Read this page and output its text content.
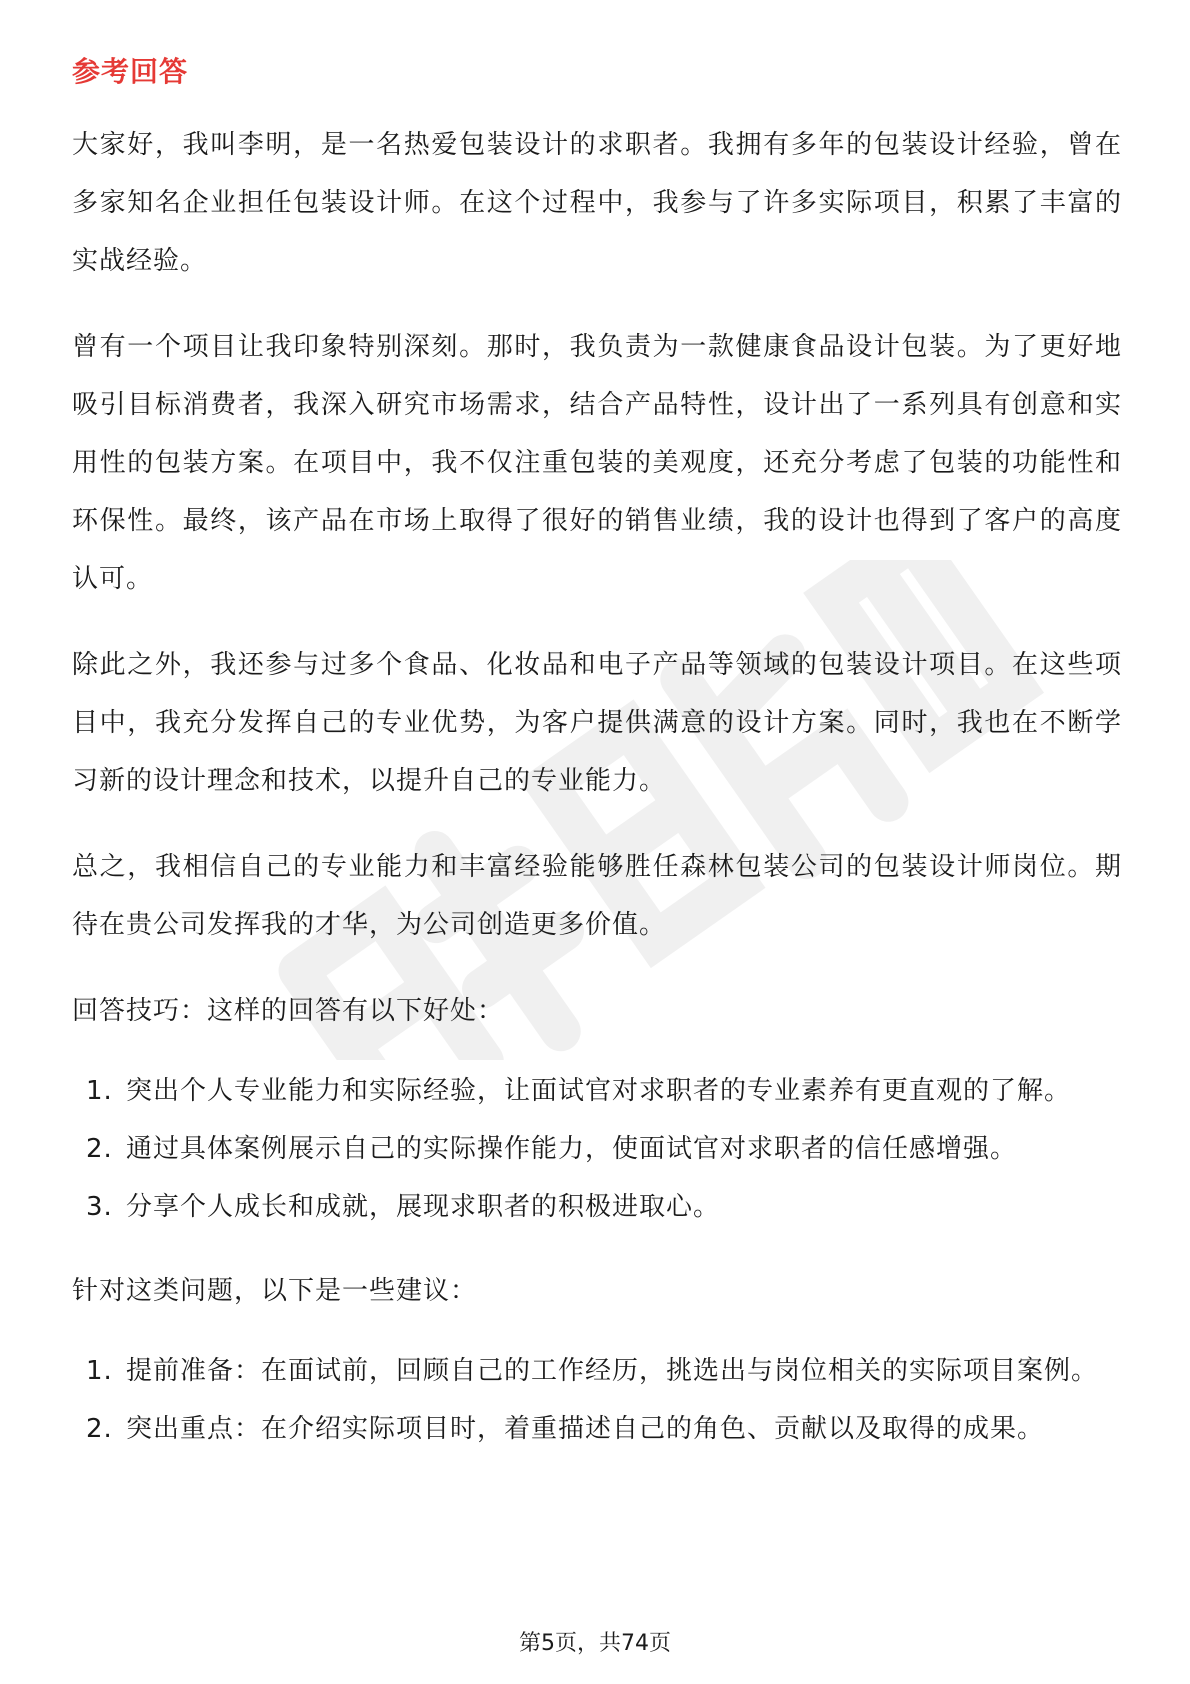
参考回答

大家好，我叫李明，是一名热爱包装设计的求职者。我拥有多年的包装设计经验，曾在多家知名企业担任包装设计师。在这个过程中，我参与了许多实际项目，积累了丰富的实战经验。

曾有一个项目让我印象特别深刻。那时，我负责为一款健康食品设计包装。为了更好地吸引目标消费者，我深入研究市场需求，结合产品特性，设计出了一系列具有创意和实用性的包装方案。在项目中，我不仅注重包装的美观度，还充分考虑了包装的功能性和环保性。最终，该产品在市场上取得了很好的销售业绩，我的设计也得到了客户的高度认可。

除此之外，我还参与过多个食品、化妆品和电子产品等领域的包装设计项目。在这些项目中，我充分发挥自己的专业优势，为客户提供满意的设计方案。同时，我也在不断学习新的设计理念和技术，以提升自己的专业能力。

总之，我相信自己的专业能力和丰富经验能够胜任森林包装公司的包装设计师岗位。期待在贵公司发挥我的才华，为公司创造更多价值。

回答技巧：这样的回答有以下好处：

1. 突出个人专业能力和实际经验，让面试官对求职者的专业素养有更直观的了解。
2. 通过具体案例展示自己的实际操作能力，使面试官对求职者的信任感增强。
3. 分享个人成长和成就，展现求职者的积极进取心。

针对这类问题，以下是一些建议：

1. 提前准备：在面试前，回顾自己的工作经历，挑选出与岗位相关的实际项目案例。
2. 突出重点：在介绍实际项目时，着重描述自己的角色、贡献以及取得的成果。
第5页，共74页
